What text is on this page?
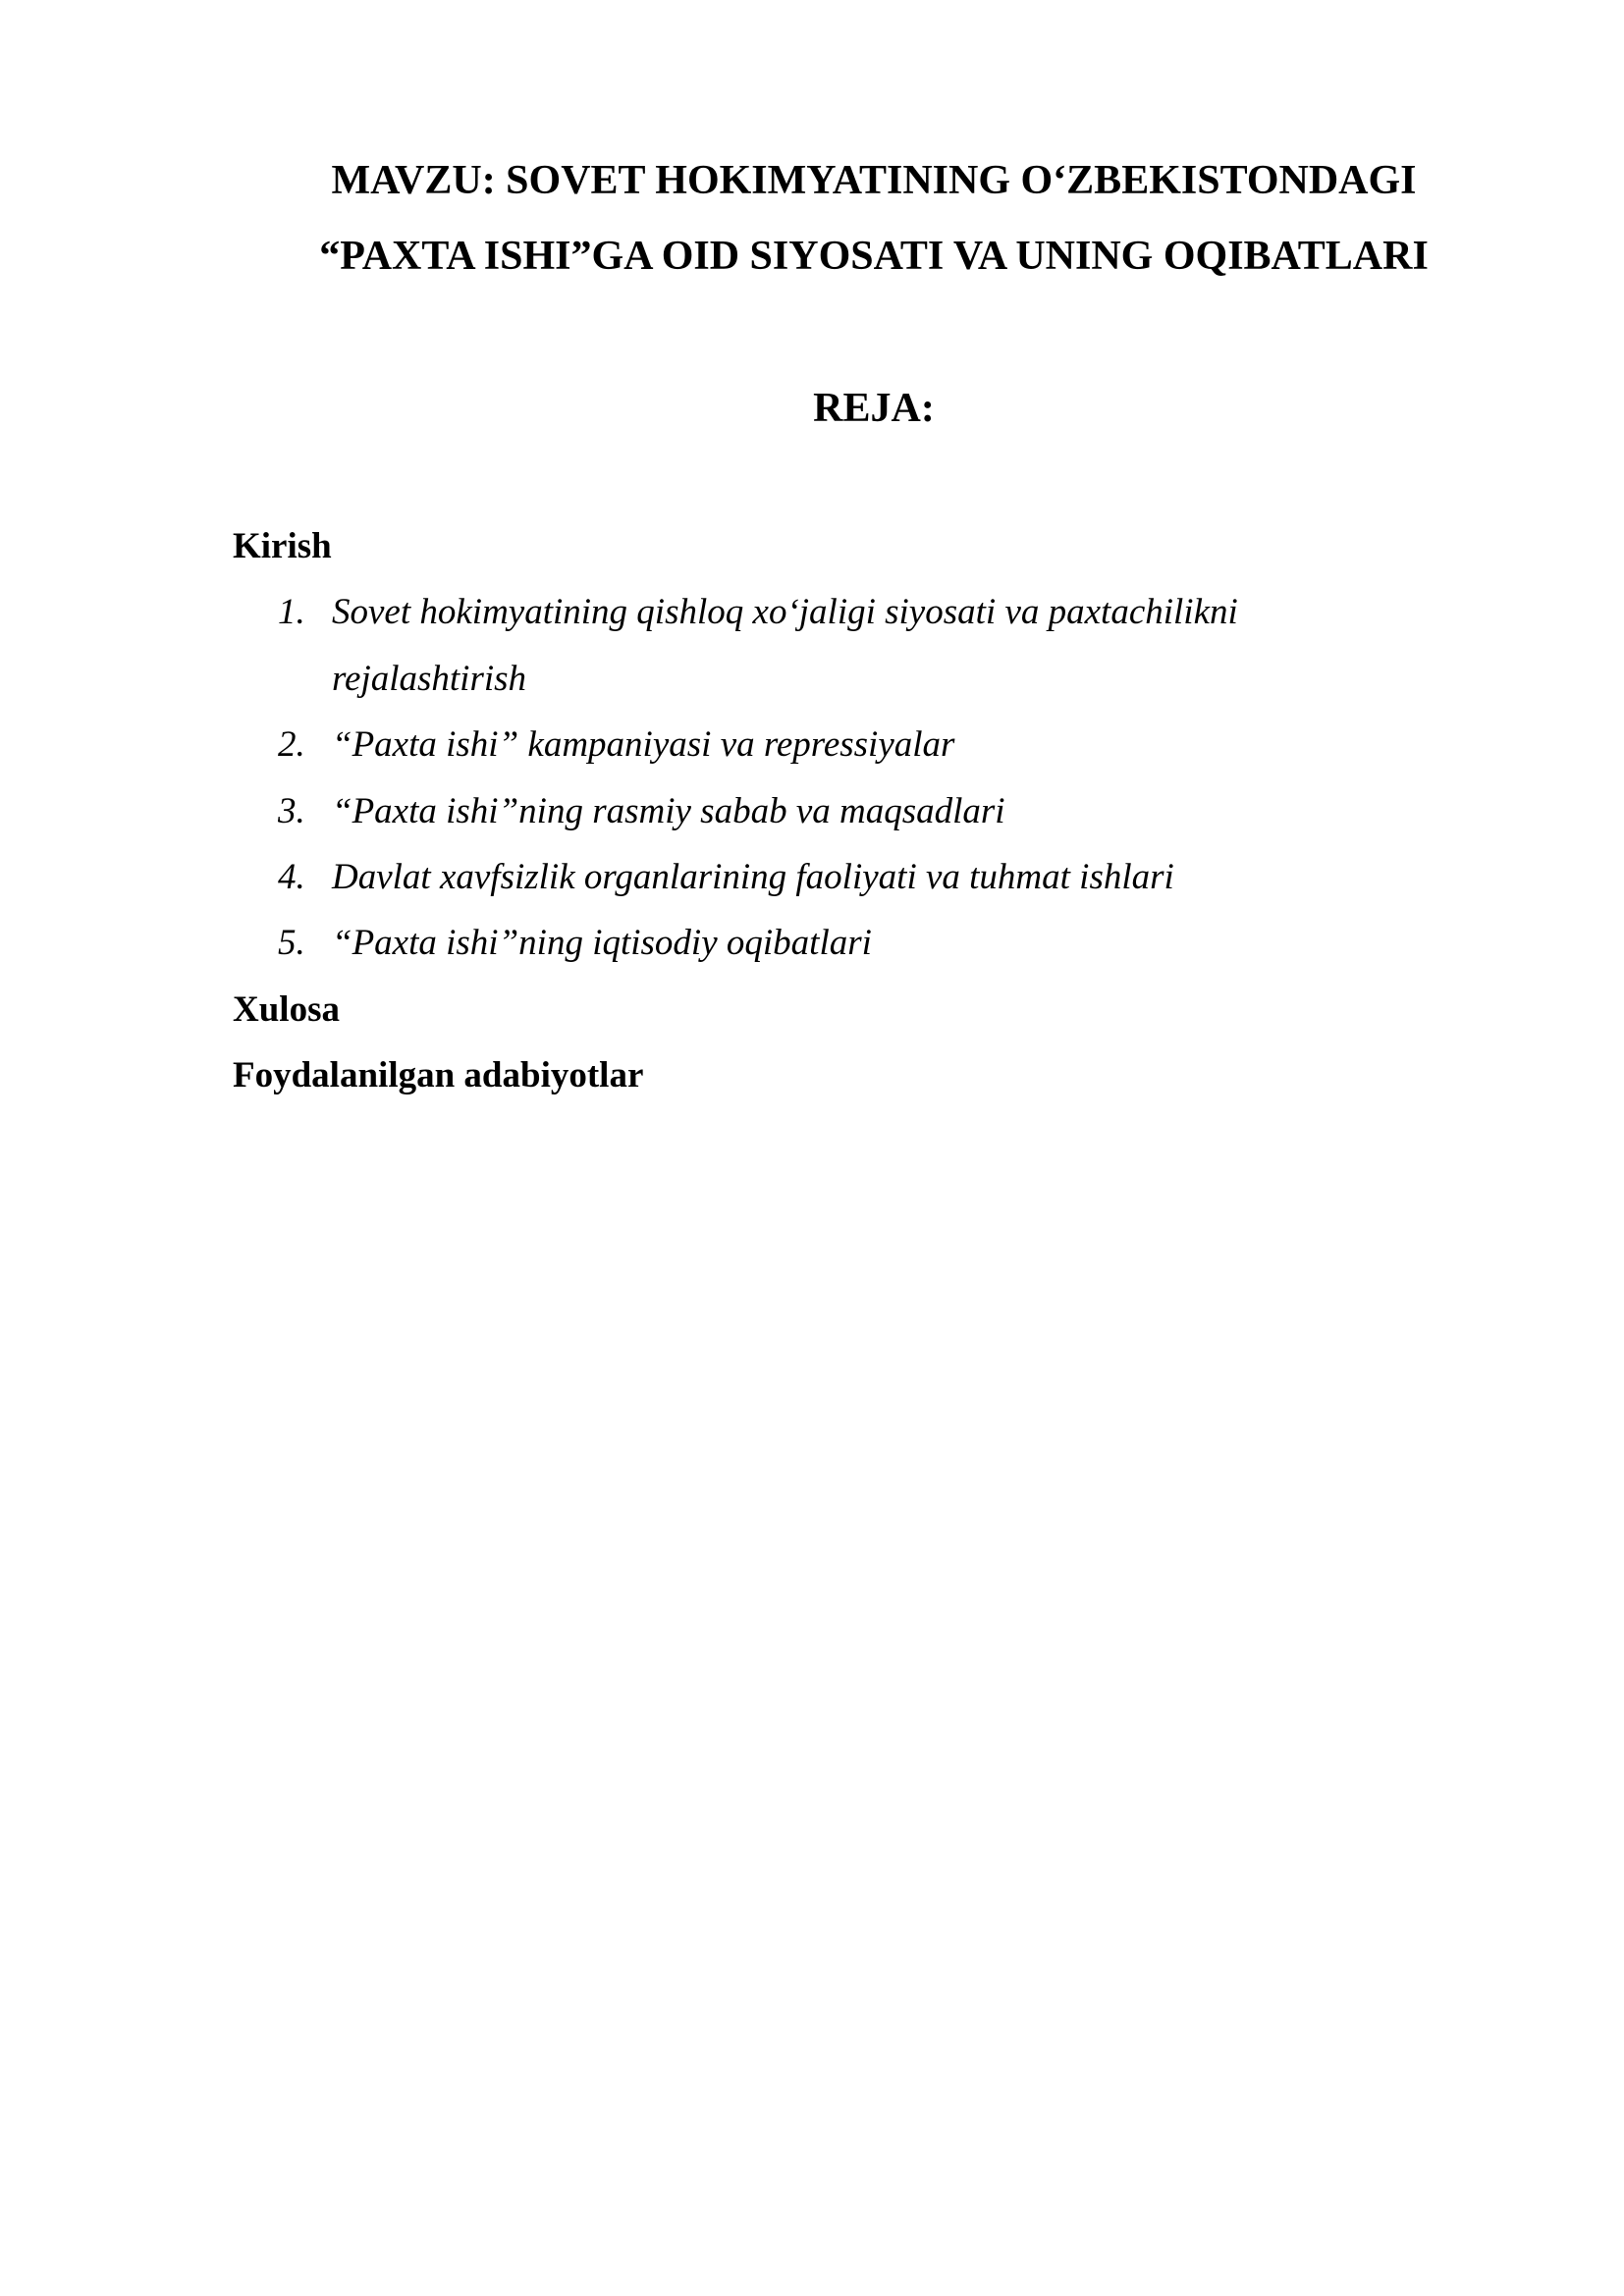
MAVZU: SOVET HOKIMYATINING O‘ZBEKISTONDAGI
“PAXTA ISHI”GA OID SIYOSATI VA UNING OQIBATLARI
REJA:
Kirish
1. Sovet hokimyatining qishloq xo‘jaligi siyosati va paxtachilikni
rejalashtirish
2. “Paxta ishi” kampaniyasi va repressiyalar
3. “Paxta ishi”ning rasmiy sabab va maqsadlari
4. Davlat xavfsizlik organlarining faoliyati va tuhmat ishlari
5. “Paxta ishi”ning iqtisodiy oqibatlari
Xulosa
Foydalanilgan adabiyotlar
